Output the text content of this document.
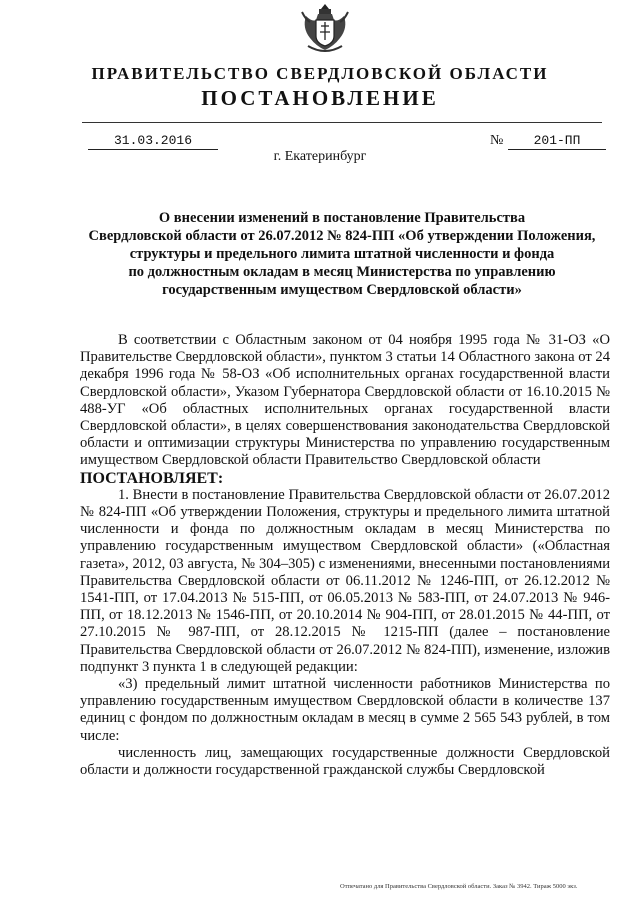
ПРАВИТЕЛЬСТВО СВЕРДЛОВСКОЙ ОБЛАСТИ
ПОСТАНОВЛЕНИЕ
31.03.2016	№	201-ПП
г. Екатеринбург
О внесении изменений в постановление Правительства
Свердловской области от 26.07.2012 № 824-ПП «Об утверждении Положения,
структуры и предельного лимита штатной численности и фонда
по должностным окладам в месяц Министерства по управлению
государственным имуществом Свердловской области»

В соответствии с Областным законом от 04 ноября 1995 года № 31-ОЗ «О Правительстве Свердловской области», пунктом 3 статьи 14 Областного закона от 24 декабря 1996 года № 58-ОЗ «Об исполнительных органах государственной власти Свердловской области», Указом Губернатора Свердловской области от 16.10.2015 № 488-УГ «Об областных исполнительных органах государственной власти Свердловской области», в целях совершенствования законодательства Свердловской области и оптимизации структуры Министерства по управлению государственным имуществом Свердловской области Правительство Свердловской области

ПОСТАНОВЛЯЕТ:

1. Внести в постановление Правительства Свердловской области от 26.07.2012 № 824-ПП «Об утверждении Положения, структуры и предельного лимита штатной численности и фонда по должностным окладам в месяц Министерства по управлению государственным имуществом Свердловской области» («Областная газета», 2012, 03 августа, № 304–305) с изменениями, внесенными постановлениями Правительства Свердловской области от 06.11.2012 № 1246-ПП, от 26.12.2012 № 1541-ПП, от 17.04.2013 № 515-ПП, от 06.05.2013 № 583-ПП, от 24.07.2013 № 946-ПП, от 18.12.2013 № 1546-ПП, от 20.10.2014 № 904-ПП, от 28.01.2015 № 44-ПП, от 27.10.2015 № 987-ПП, от 28.12.2015 № 1215-ПП (далее – постановление Правительства Свердловской области от 26.07.2012 № 824-ПП), изменение, изложив подпункт 3 пункта 1 в следующей редакции:

«3) предельный лимит штатной численности работников Министерства по управлению государственным имуществом Свердловской области в количестве 137 единиц с фондом по должностным окладам в месяц в сумме 2 565 543 рублей, в том числе:

численность лиц, замещающих государственные должности Свердловской области и должности государственной гражданской службы Свердловской

Отпечатано для Правительства Свердловской области. Заказ № 3942. Тираж 5000 экз.
